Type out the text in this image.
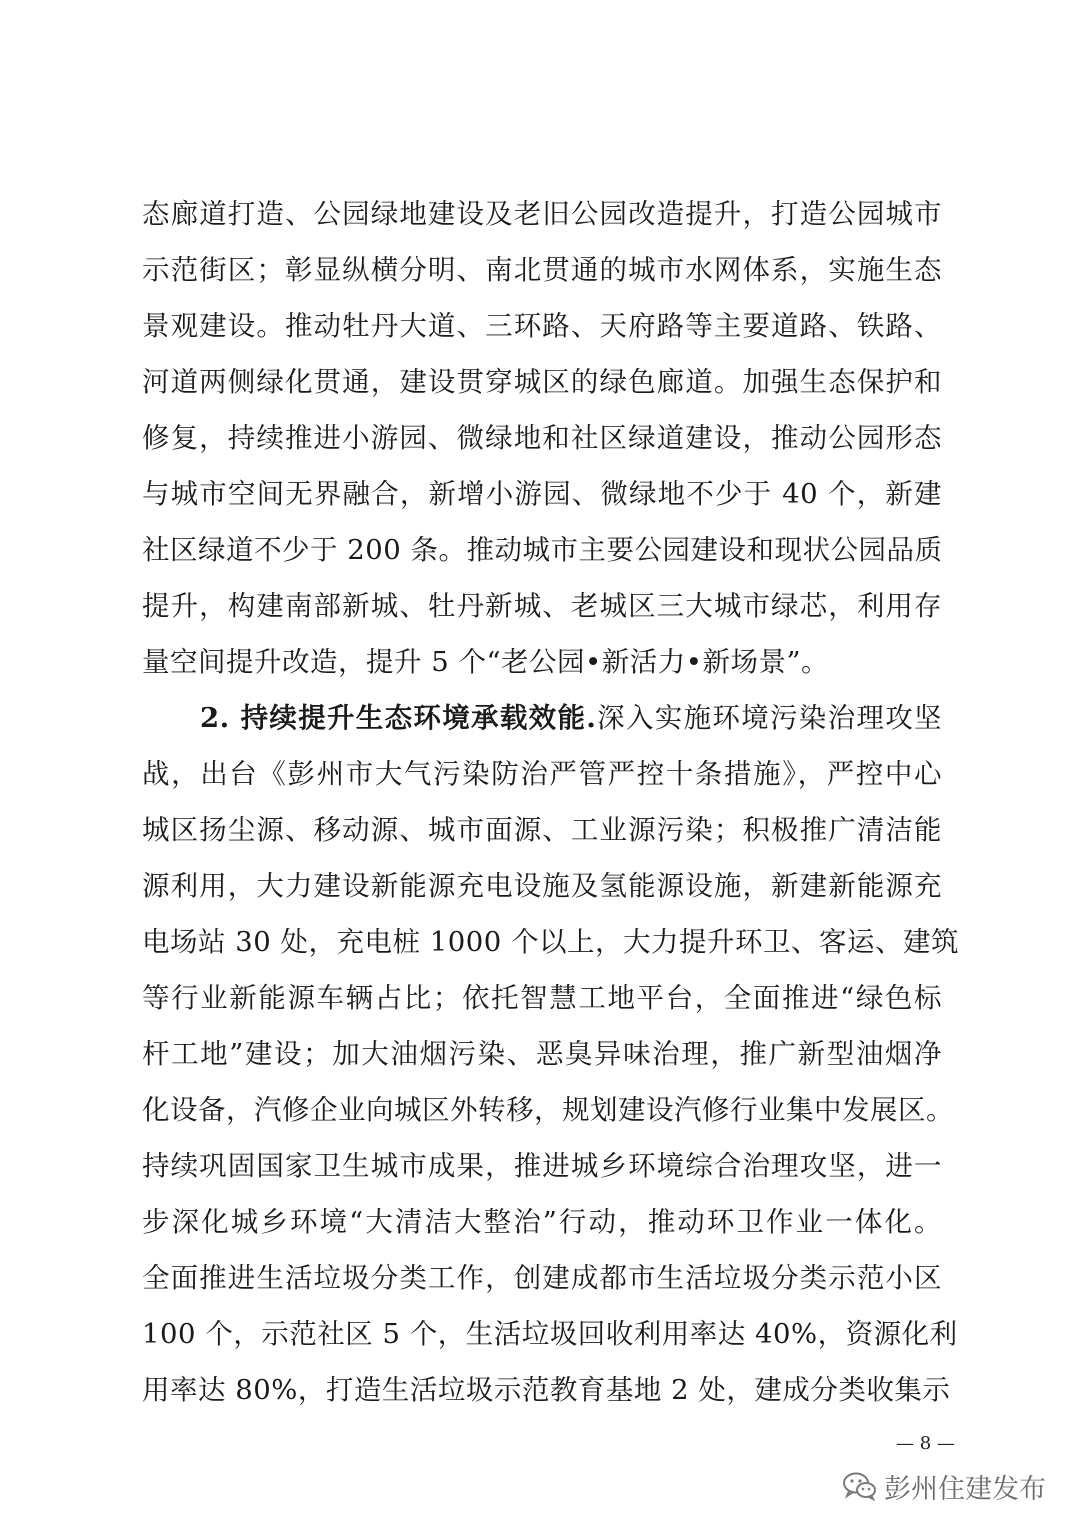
态廊道打造、公园绿地建设及老旧公园改造提升，打造公园城市
示范街区；彰显纵横分明、南北贯通的城市水网体系，实施生态
景观建设。推动牡丹大道、三环路、天府路等主要道路、铁路、
河道两侧绿化贯通，建设贯穿城区的绿色廊道。加强生态保护和
修复，持续推进小游园、微绿地和社区绿道建设，推动公园形态
与城市空间无界融合，新增小游园、微绿地不少于 40 个，新建
社区绿道不少于 200 条。推动城市主要公园建设和现状公园品质
提升，构建南部新城、牡丹新城、老城区三大城市绿芯，利用存
量空间提升改造，提升 5 个“老公园•新活力•新场景”。
2. 持续提升生态环境承载效能.深入实施环境污染治理攻坚
战，出台《彭州市大气污染防治严管严控十条措施》，严控中心
城区扬尘源、移动源、城市面源、工业源污染；积极推广清洁能
源利用，大力建设新能源充电设施及氢能源设施，新建新能源充
电场站 30 处，充电桩 1000 个以上，大力提升环卫、客运、建筑
等行业新能源车辆占比；依托智慧工地平台，全面推进“绿色标
杆工地”建设；加大油烟污染、恶臭异味治理，推广新型油烟净
化设备，汽修企业向城区外转移，规划建设汽修行业集中发展区。
持续巩固国家卫生城市成果，推进城乡环境综合治理攻坚，进一
步深化城乡环境“大清洁大整治”行动，推动环卫作业一体化。
全面推进生活垃圾分类工作，创建成都市生活垃圾分类示范小区
100 个，示范社区 5 个，生活垃圾回收利用率达 40%，资源化利
用率达 80%，打造生活垃圾示范教育基地 2 处，建成分类收集示
— 8 —
彭州住建发布
